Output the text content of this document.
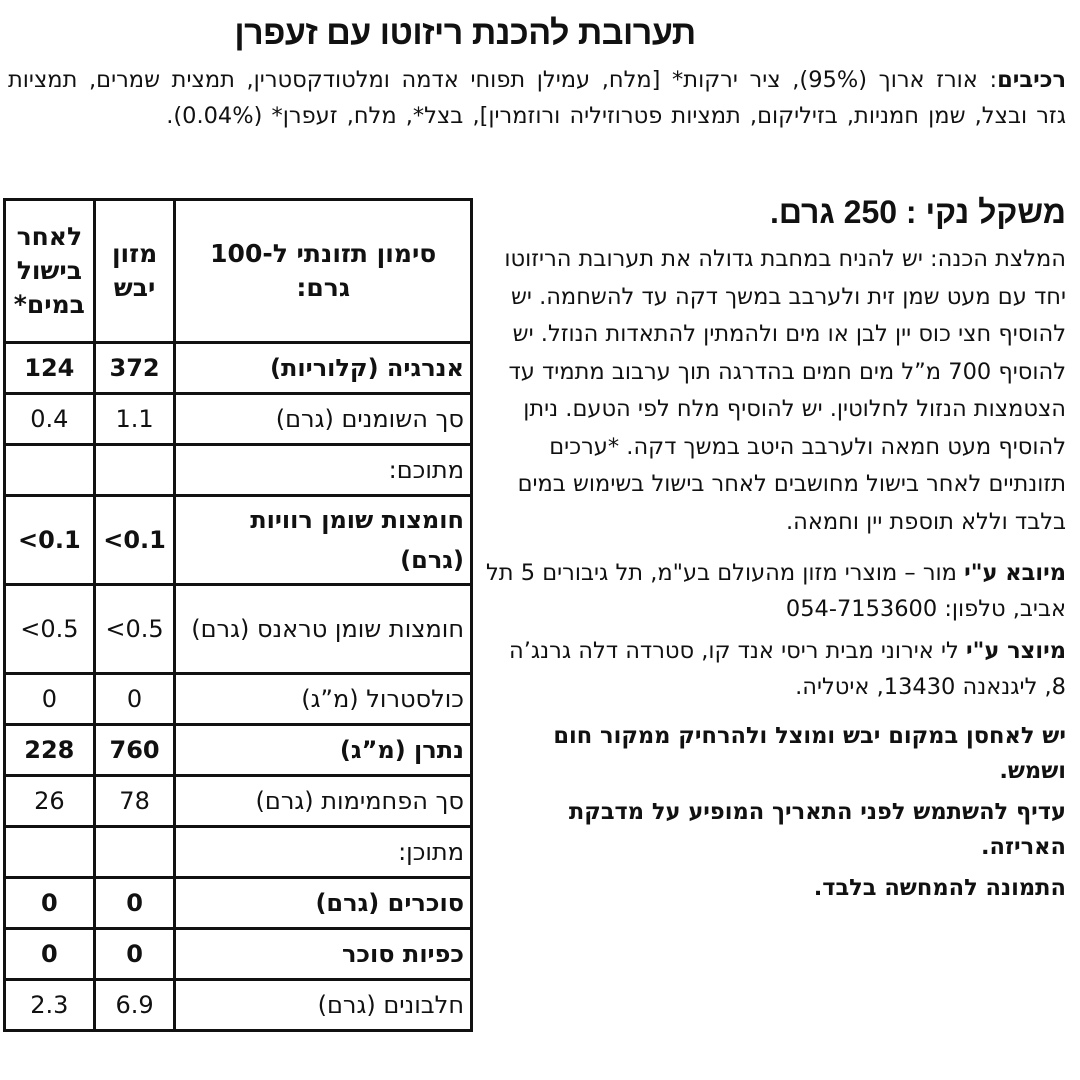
תערובת להכנת ריזוטו עם זעפרן
רכיבים: אורז ארוך (95%), ציר ירקות* [מלח, עמילן תפוחי אדמה ומלטודקסטרין, תמצית שמרים, תמציות גזר ובצל, שמן חמניות, בזיליקום, תמציות פטרוזיליה ורוזמרין], בצל*, מלח, זעפרן* (0.04%).
משקל נקי : 250 גרם.

המלצת הכנה: יש להניח במחבת גדולה את תערובת הריזוטו יחד עם מעט שמן זית ולערבב במשך דקה עד להשחמה. יש להוסיף חצי כוס יין לבן או מים ולהמתין להתאדות הנוזל. יש להוסיף 700 מ”ל מים חמים בהדרגה תוך ערבוב מתמיד עד הצטמצות הנזול לחלוטין. יש להוסיף מלח לפי הטעם. ניתן להוסיף מעט חמאה ולערבב היטב במשך דקה. *ערכים תזונתיים לאחר בישול מחושבים לאחר בישול בשימוש במים בלבד וללא תוספת יין וחמאה.

מיובא ע"י מור – מוצרי מזון מהעולם בע"מ, תל גיבורים 5 תל אביב, טלפון: 054-7153600
מיוצר ע"י לי אירוני מבית ריסי אנד קו, סטרדה דלה גרנג’ה 8, ליגנאנה 13430, איטליה.

יש לאחסן במקום יבש ומוצל ולהרחיק ממקור חום ושמש.

עדיף להשתמש לפני התאריך המופיע על מדבקת האריזה.

התמונה להמחשה בלבד.

סימון תזונתי ל-100 גרם:	מזון יבש	לאחר בישול במים*
אנרגיה (קלוריות)	372	124
סך השומנים (גרם)	1.1	0.4
מתוכם:		
חומצות שומן רוויות (גרם)	0.1>	0.1>
חומצות שומן טראנס (גרם)	0.5>	0.5>
כולסטרול (מ”ג)	0	0
נתרן (מ”ג)	760	228
סך הפחמימות (גרם)	78	26
מתוכן:		
סוכרים (גרם)	0	0
כפיות סוכר	0	0
חלבונים (גרם)	6.9	2.3
